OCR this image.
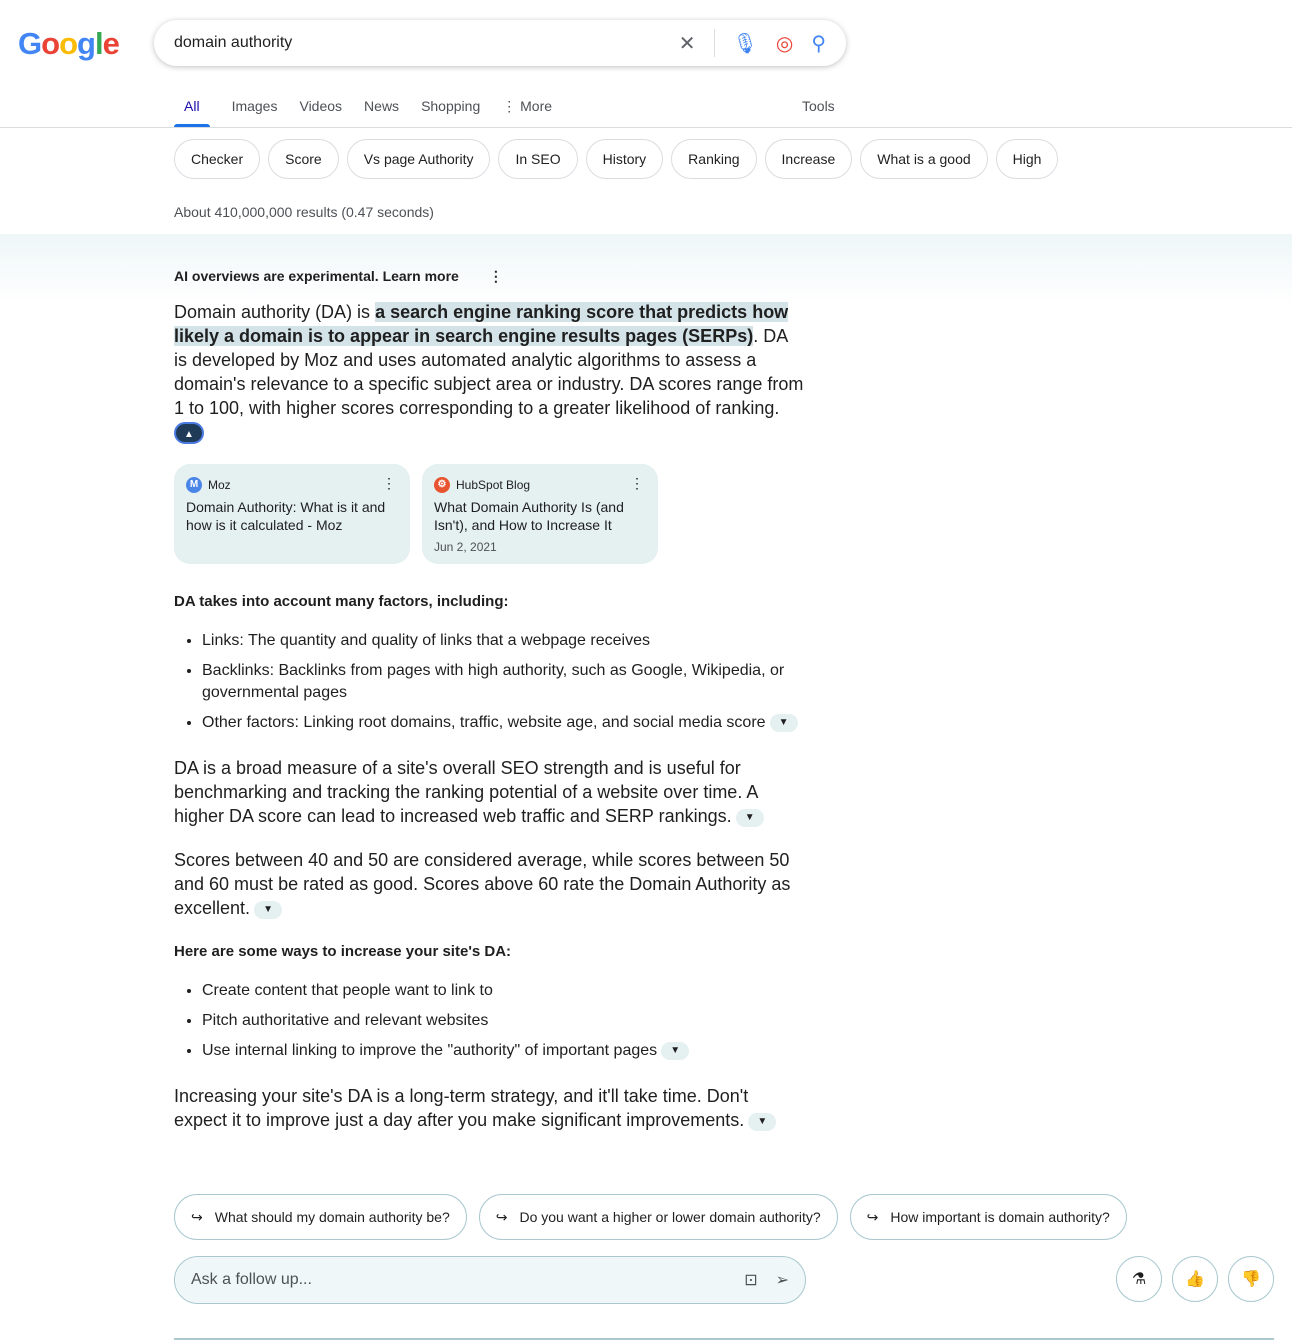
Google	domain authority	✕ 🎙 ◎ ⚲
All	Images Videos News Shopping ⋮ More	Tools
Checker	Score	Vs page Authority	In SEO	History	Ranking	Increase	What is a good	High
About 410,000,000 results (0.47 seconds)
AI overviews are experimental. Learn more ⋮

Domain authority (DA) is a search engine ranking score that predicts how likely a domain is to appear in search engine results pages (SERPs). DA is developed by Moz and uses automated analytic algorithms to assess a domain's relevance to a specific subject area or industry. DA scores range from 1 to 100, with higher scores corresponding to a greater likelihood of ranking.▲

M Moz	⋮
Domain Authority: What is it and how is it calculated - Moz
⚙ HubSpot Blog	⋮
What Domain Authority Is (and Isn't), and How to Increase It
Jun 2, 2021
DA takes into account many factors, including:
• Links: The quantity and quality of links that a webpage receives
• Backlinks: Backlinks from pages with high authority, such as Google, Wikipedia, or governmental pages
• Other factors: Linking root domains, traffic, website age, and social media score ▼

DA is a broad measure of a site's overall SEO strength and is useful for benchmarking and tracking the ranking potential of a website over time. A higher DA score can lead to increased web traffic and SERP rankings. ▼

Scores between 40 and 50 are considered average, while scores between 50 and 60 must be rated as good. Scores above 60 rate the Domain Authority as excellent. ▼

Here are some ways to increase your site's DA:
• Create content that people want to link to
• Pitch authoritative and relevant websites
• Use internal linking to improve the "authority" of important pages ▼

Increasing your site's DA is a long-term strategy, and it'll take time. Don't expect it to improve just a day after you make significant improvements. ▼

↪ What should my domain authority be?	↪ Do you want a higher or lower domain authority?	↪ How important is domain authority?
Ask a follow up...	⊡ ➢	⚗ 👍 👎
